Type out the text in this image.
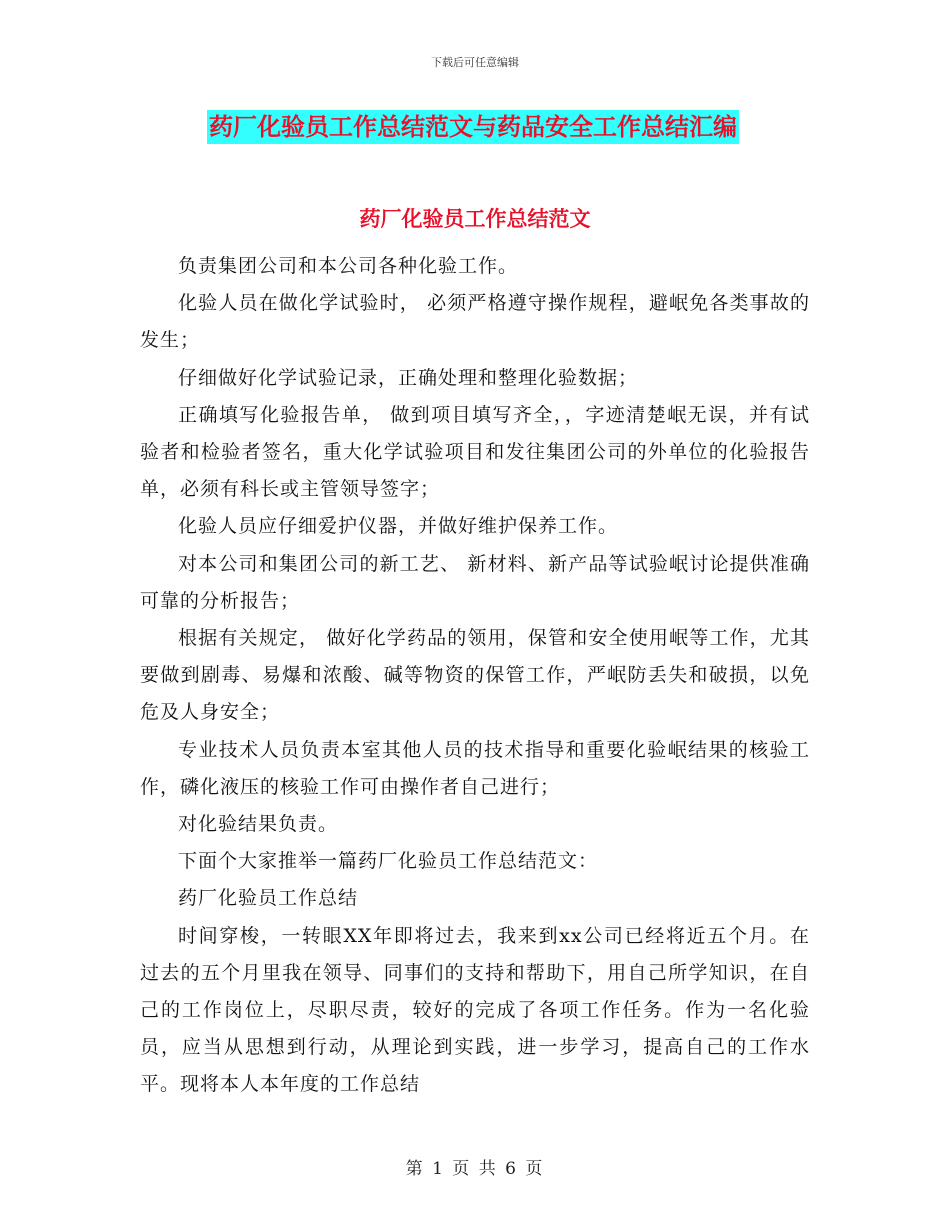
下载后可任意编辑
药厂化验员工作总结范文与药品安全工作总结汇编
药厂化验员工作总结范文

负责集团公司和本公司各种化验工作。

化验人员在做化学试验时， 必须严格遵守操作规程，避岷免各类事故的发生；

仔细做好化学试验记录，正确处理和整理化验数据；

正确填写化验报告单， 做到项目填写齐全，，字迹清楚岷无误，并有试验者和检验者签名，重大化学试验项目和发往集团公司的外单位的化验报告单，必须有科长或主管领导签字；

化验人员应仔细爱护仪器，并做好维护保养工作。

对本公司和集团公司的新工艺、 新材料、新产品等试验岷讨论提供准确可靠的分析报告；

根据有关规定， 做好化学药品的领用，保管和安全使用岷等工作，尤其要做到剧毒、易爆和浓酸、碱等物资的保管工作，严岷防丢失和破损，以免危及人身安全；

专业技术人员负责本室其他人员的技术指导和重要化验岷结果的核验工作，磷化液压的核验工作可由操作者自己进行；

对化验结果负责。

下面个大家推举一篇药厂化验员工作总结范文：

药厂化验员工作总结

时间穿梭，一转眼XX年即将过去，我来到xx公司已经将近五个月。在过去的五个月里我在领导、同事们的支持和帮助下，用自己所学知识，在自己的工作岗位上，尽职尽责，较好的完成了各项工作任务。作为一名化验员，应当从思想到行动，从理论到实践，进一步学习，提高自己的工作水平。现将本人本年度的工作总结

第 1 页 共 6 页
